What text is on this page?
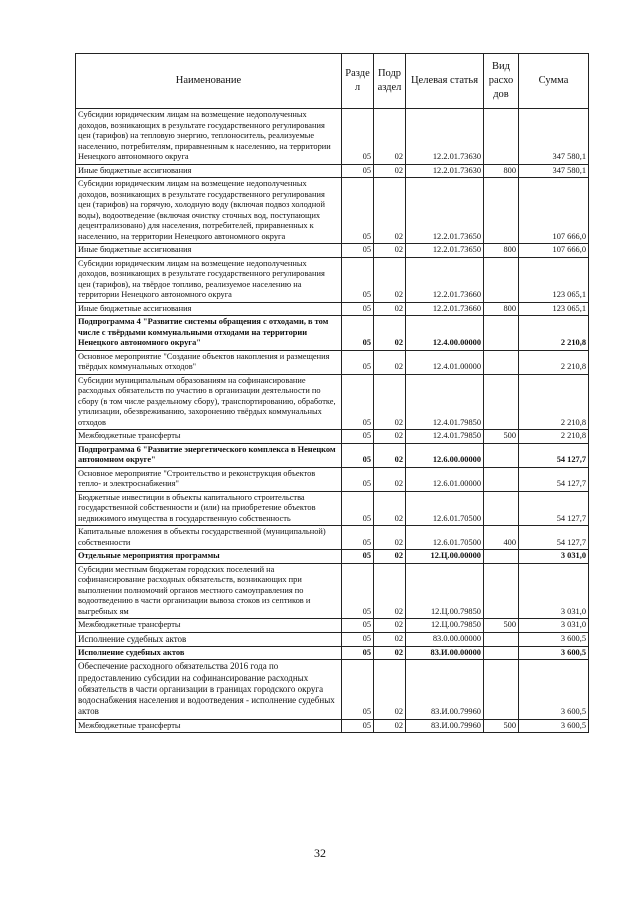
Наименование	Разде л	Подр аздел	Целевая статья	Вид расхо дов	Сумма
Субсидии юридическим лицам на возмещение недополученных доходов, возникающих в результате государственного регулирования цен (тарифов) на тепловую энергию, теплоноситель, реализуемые населению, потребителям, приравненным к населению, на территории Ненецкого автономного округа	05	02	12.2.01.73630		347 580,1
Иные бюджетные ассигнования	05	02	12.2.01.73630	800	347 580,1
Субсидии юридическим лицам на возмещение недополученных доходов, возникающих в результате государственного регулирования цен (тарифов) на горячую, холодную воду (включая подвоз холодной воды), водоотведение (включая очистку сточных вод, поступающих децентрализовано) для населения, потребителей, приравненных к населению, на территории Ненецкого автономного округа	05	02	12.2.01.73650		107 666,0
Иные бюджетные ассигнования	05	02	12.2.01.73650	800	107 666,0
Субсидии юридическим лицам на возмещение недополученных доходов, возникающих в результате государственного регулирования цен (тарифов), на твёрдое топливо, реализуемое населению на территории Ненецкого автономного округа	05	02	12.2.01.73660		123 065,1
Иные бюджетные ассигнования	05	02	12.2.01.73660	800	123 065,1
Подпрограмма 4 "Развитие системы обращения с отходами, в том числе с твёрдыми коммунальными отходами на территории Ненецкого автономного округа"	05	02	12.4.00.00000		2 210,8
Основное мероприятие "Создание объектов накопления и размещения твёрдых коммунальных отходов"	05	02	12.4.01.00000		2 210,8
Субсидии муниципальным образованиям на софинансирование расходных обязательств по участию в организации деятельности по сбору (в том числе раздельному сбору), транспортированию, обработке, утилизации, обезвреживанию, захоронению твёрдых коммунальных отходов	05	02	12.4.01.79850		2 210,8
Межбюджетные трансферты	05	02	12.4.01.79850	500	2 210,8
Подпрограмма 6 "Развитие энергетического комплекса в Ненецком автономном округе"	05	02	12.6.00.00000		54 127,7
Основное мероприятие "Строительство и реконструкция объектов тепло- и электроснабжения"	05	02	12.6.01.00000		54 127,7
Бюджетные инвестиции в объекты капитального строительства государственной собственности и (или) на приобретение объектов недвижимого имущества в государственную собственность	05	02	12.6.01.70500		54 127,7
Капитальные вложения в объекты государственной (муниципальной) собственности	05	02	12.6.01.70500	400	54 127,7
Отдельные мероприятия программы	05	02	12.Ц.00.00000		3 031,0
Субсидии местным бюджетам городских поселений на софинансирование расходных обязательств, возникающих при выполнении полномочий органов местного самоуправления по водоотведению в части организации вывоза стоков из септиков и выгребных ям	05	02	12.Ц.00.79850		3 031,0
Межбюджетные трансферты	05	02	12.Ц.00.79850	500	3 031,0
Исполнение судебных актов	05	02	83.0.00.00000		3 600,5
Исполнение судебных актов	05	02	83.И.00.00000		3 600,5
Обеспечение расходного обязательства 2016 года по предоставлению субсидии на софинансирование расходных обязательств в части организации в границах городского округа водоснабжения населения и водоотведения - исполнение судебных актов	05	02	83.И.00.79960		3 600,5
Межбюджетные трансферты	05	02	83.И.00.79960	500	3 600,5
32
